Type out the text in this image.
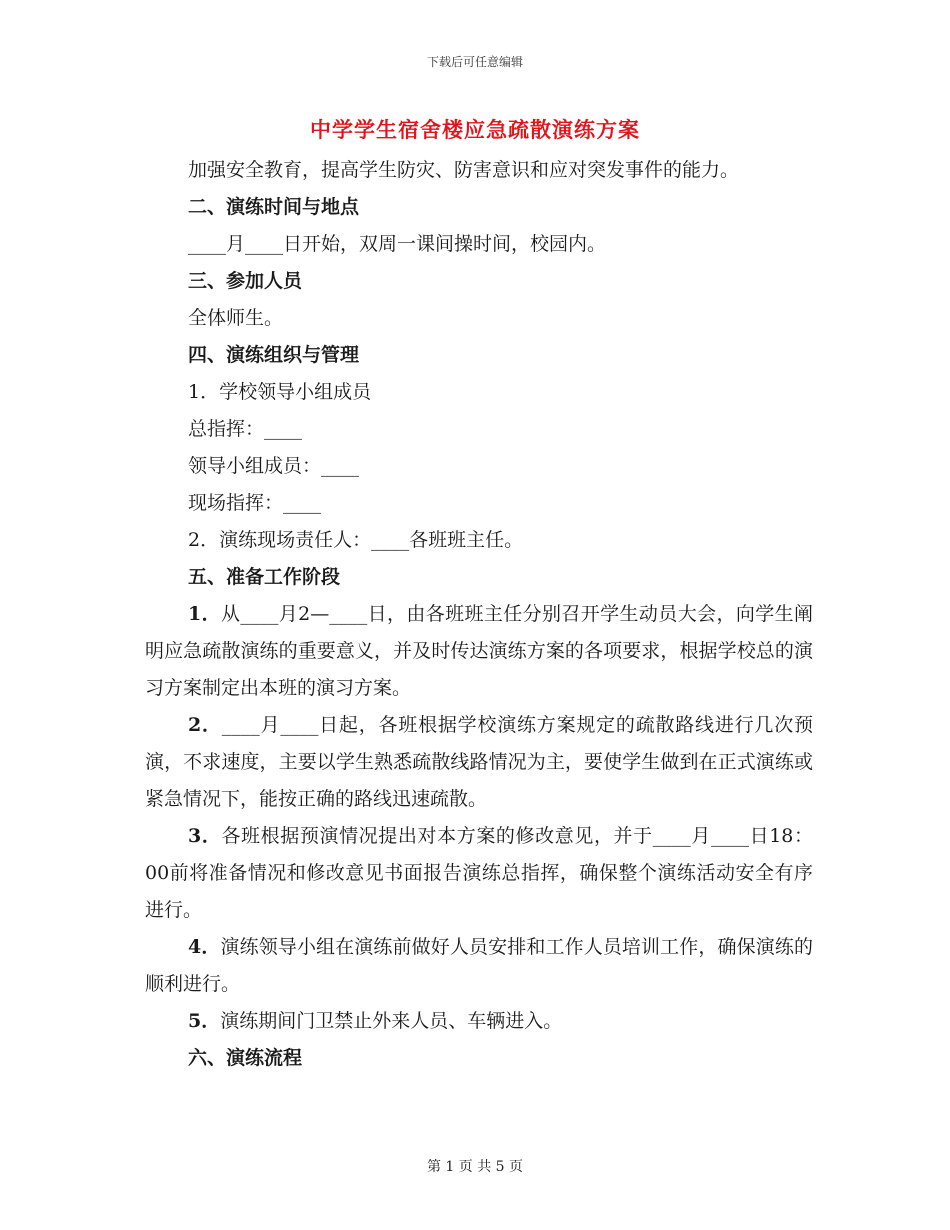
下载后可任意编辑
中学学生宿舍楼应急疏散演练方案

加强安全教育，提高学生防灾、防害意识和应对突发事件的能力。

二、演练时间与地点

____月____日开始，双周一课间操时间，校园内。

三、参加人员

全体师生。

四、演练组织与管理

1．学校领导小组成员

总指挥：____

领导小组成员：____

现场指挥：____

2．演练现场责任人：____各班班主任。

五、准备工作阶段

1．从____月2—____日，由各班班主任分别召开学生动员大会，向学生阐明应急疏散演练的重要意义，并及时传达演练方案的各项要求，根据学校总的演习方案制定出本班的演习方案。

2．____月____日起，各班根据学校演练方案规定的疏散路线进行几次预演，不求速度，主要以学生熟悉疏散线路情况为主，要使学生做到在正式演练或紧急情况下，能按正确的路线迅速疏散。

3．各班根据预演情况提出对本方案的修改意见，并于____月____日18：00前将准备情况和修改意见书面报告演练总指挥，确保整个演练活动安全有序进行。

4．演练领导小组在演练前做好人员安排和工作人员培训工作，确保演练的顺利进行。

5．演练期间门卫禁止外来人员、车辆进入。

六、演练流程

第 1 页 共 5 页
